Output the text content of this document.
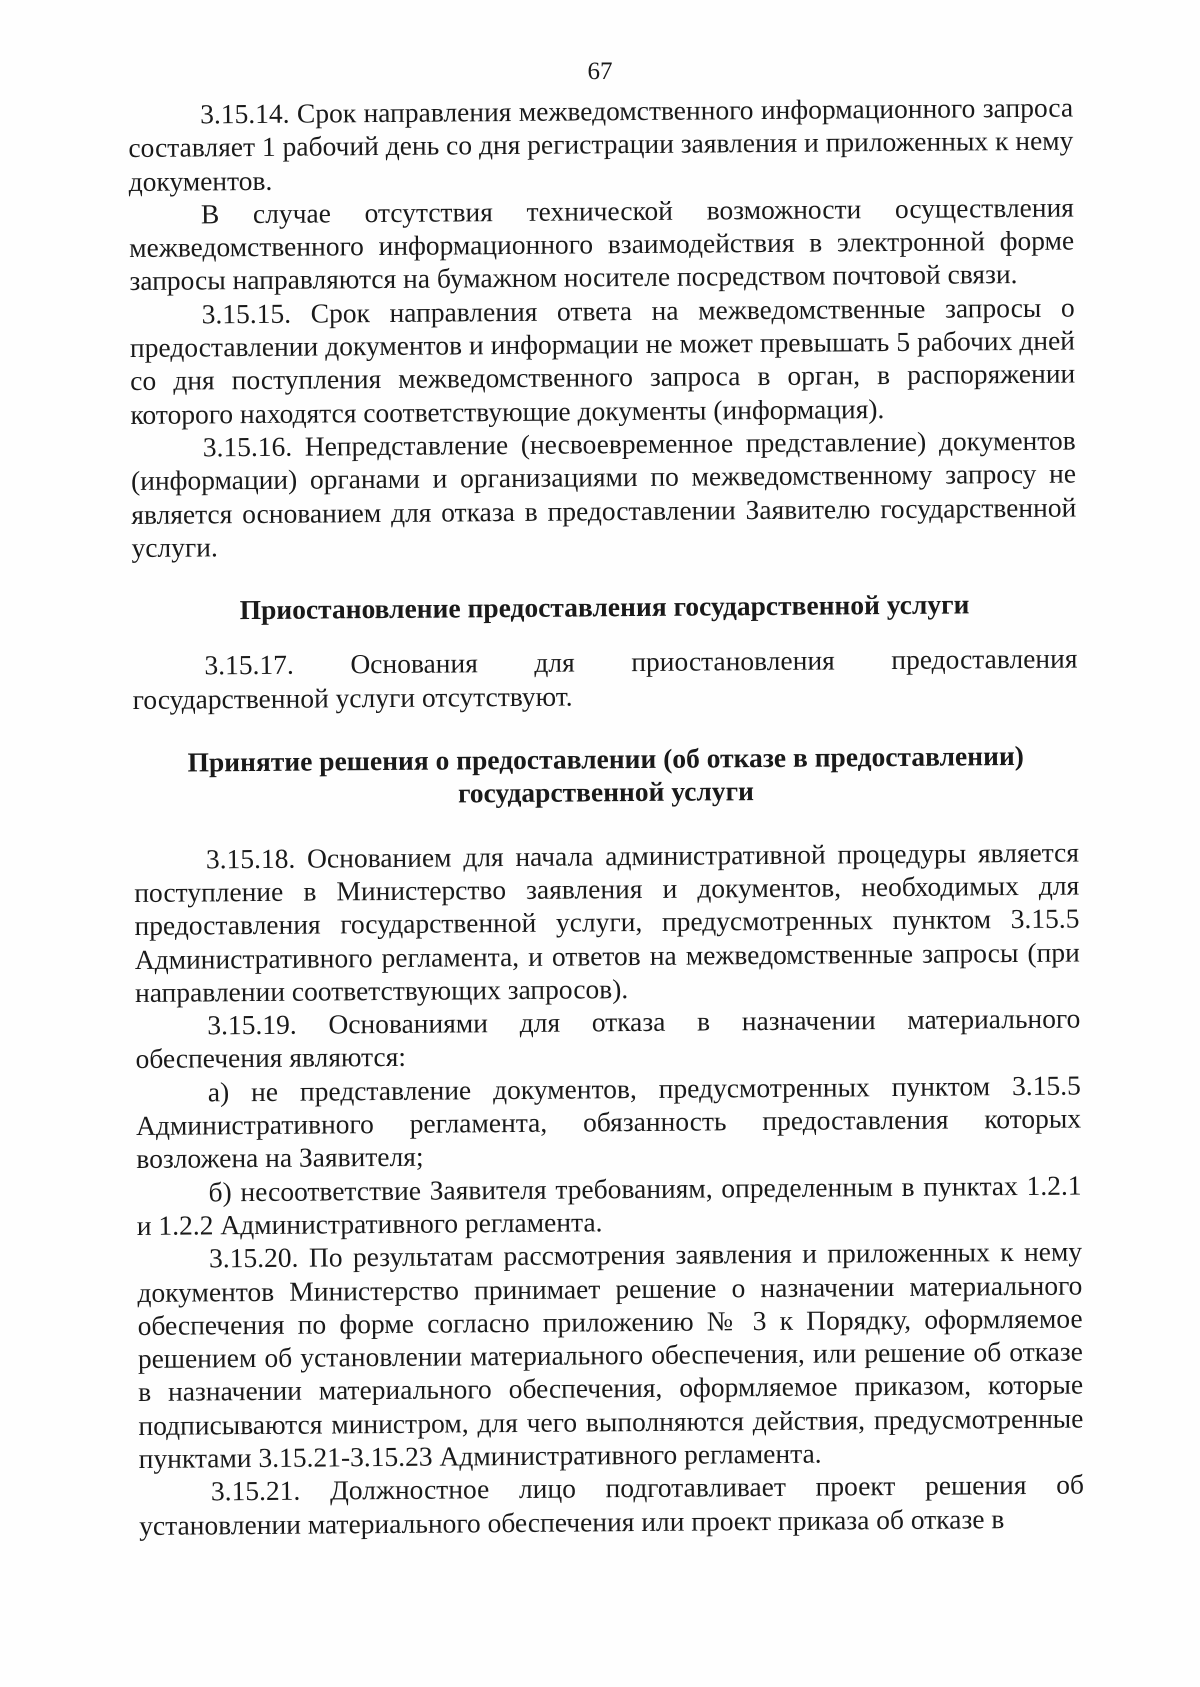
67

3.15.14. Срок направления межведомственного информационного запроса составляет 1 рабочий день со дня регистрации заявления и приложенных к нему документов.

В случае отсутствия технической возможности осуществления межведомственного информационного взаимодействия в электронной форме запросы направляются на бумажном носителе посредством почтовой связи.

3.15.15. Срок направления ответа на межведомственные запросы о предоставлении документов и информации не может превышать 5 рабочих дней со дня поступления межведомственного запроса в орган, в распоряжении которого находятся соответствующие документы (информация).

3.15.16. Непредставление (несвоевременное представление) документов (информации) органами и организациями по межведомственному запросу не является основанием для отказа в предоставлении Заявителю государственной услуги.

Приостановление предоставления государственной услуги

3.15.17. Основания для приостановления предоставления государственной услуги отсутствуют.

Принятие решения о предоставлении (об отказе в предоставлении) государственной услуги

3.15.18. Основанием для начала административной процедуры является поступление в Министерство заявления и документов, необходимых для предоставления государственной услуги, предусмотренных пунктом 3.15.5 Административного регламента, и ответов на межведомственные запросы (при направлении соответствующих запросов).

3.15.19. Основаниями для отказа в назначении материального обеспечения являются:

а) не представление документов, предусмотренных пунктом 3.15.5 Административного регламента, обязанность предоставления которых возложена на Заявителя;

б) несоответствие Заявителя требованиям, определенным в пунктах 1.2.1 и 1.2.2 Административного регламента.

3.15.20. По результатам рассмотрения заявления и приложенных к нему документов Министерство принимает решение о назначении материального обеспечения по форме согласно приложению № 3 к Порядку, оформляемое решением об установлении материального обеспечения, или решение об отказе в назначении материального обеспечения, оформляемое приказом, которые подписываются министром, для чего выполняются действия, предусмотренные пунктами 3.15.21-3.15.23 Административного регламента.

3.15.21. Должностное лицо подготавливает проект решения об установлении материального обеспечения или проект приказа об отказе в
